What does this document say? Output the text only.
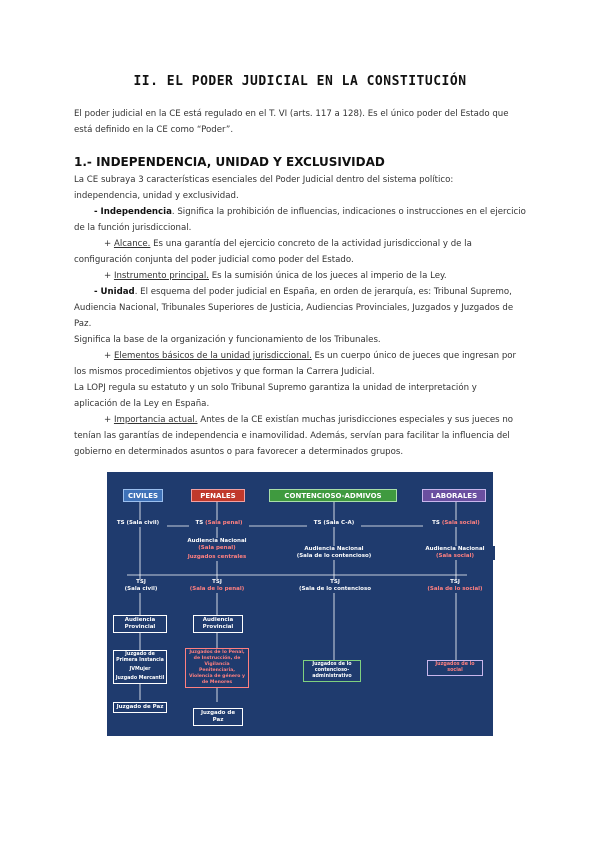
II. EL PODER JUDICIAL EN LA CONSTITUCIÓN
El poder judicial en la CE está regulado en el T. VI (arts. 117 a 128). Es el único poder del Estado que
está definido en la CE como “Poder”.
1.- INDEPENDENCIA, UNIDAD Y EXCLUSIVIDAD
La CE subraya 3 características esenciales del Poder Judicial dentro del sistema político:
independencia, unidad y exclusividad.
- Independencia. Significa la prohibición de influencias, indicaciones o instrucciones en el ejercicio
de la función jurisdiccional.
+ Alcance. Es una garantía del ejercicio concreto de la actividad jurisdiccional y de la
configuración conjunta del poder judicial como poder del Estado.
+ Instrumento principal. Es la sumisión única de los jueces al imperio de la Ley.
- Unidad. El esquema del poder judicial en España, en orden de jerarquía, es: Tribunal Supremo,
Audiencia Nacional, Tribunales Superiores de Justicia, Audiencias Provinciales, Juzgados y Juzgados de
Paz.
Significa la base de la organización y funcionamiento de los Tribunales.
+ Elementos básicos de la unidad jurisdiccional. Es un cuerpo único de jueces que ingresan por
los mismos procedimientos objetivos y que forman la Carrera Judicial.
La LOPJ regula su estatuto y un solo Tribunal Supremo garantiza la unidad de interpretación y
aplicación de la Ley en España.
+ Importancia actual. Antes de la CE existían muchas jurisdicciones especiales y sus jueces no
tenían las garantías de independencia e inamovilidad. Además, servían para facilitar la influencia del
gobierno en determinados asuntos o para favorecer a determinados grupos.
CIVILES	PENALES	CONTENCIOSO-ADMIVOS	LABORALES
TS (Sala civil)	TS (Sala penal)	TS (Sala C-A)	TS (Sala social)
Audiencia Nacional
(Sala penal)
Juzgados centrales
Audiencia Nacional
(Sala de lo contencioso)
Audiencia Nacional
(Sala social)
TSJ
(Sala civil)
TSJ
(Sala de lo penal)
TSJ
(Sala de lo contencioso
TSJ
(Sala de lo social)
Audiencia Provincial
Audiencia Provincial
Juzgado de Primera Instancia
JVMujer
Juzgado Mercantil
Juzgados de lo Penal, de Instrucción, de Vigilancia Penitenciaria, Violencia de género y de Menores
Juzgados de lo contencioso-administrativo
Juzgados de lo social
Juzgado de Paz
Juzgado de Paz
